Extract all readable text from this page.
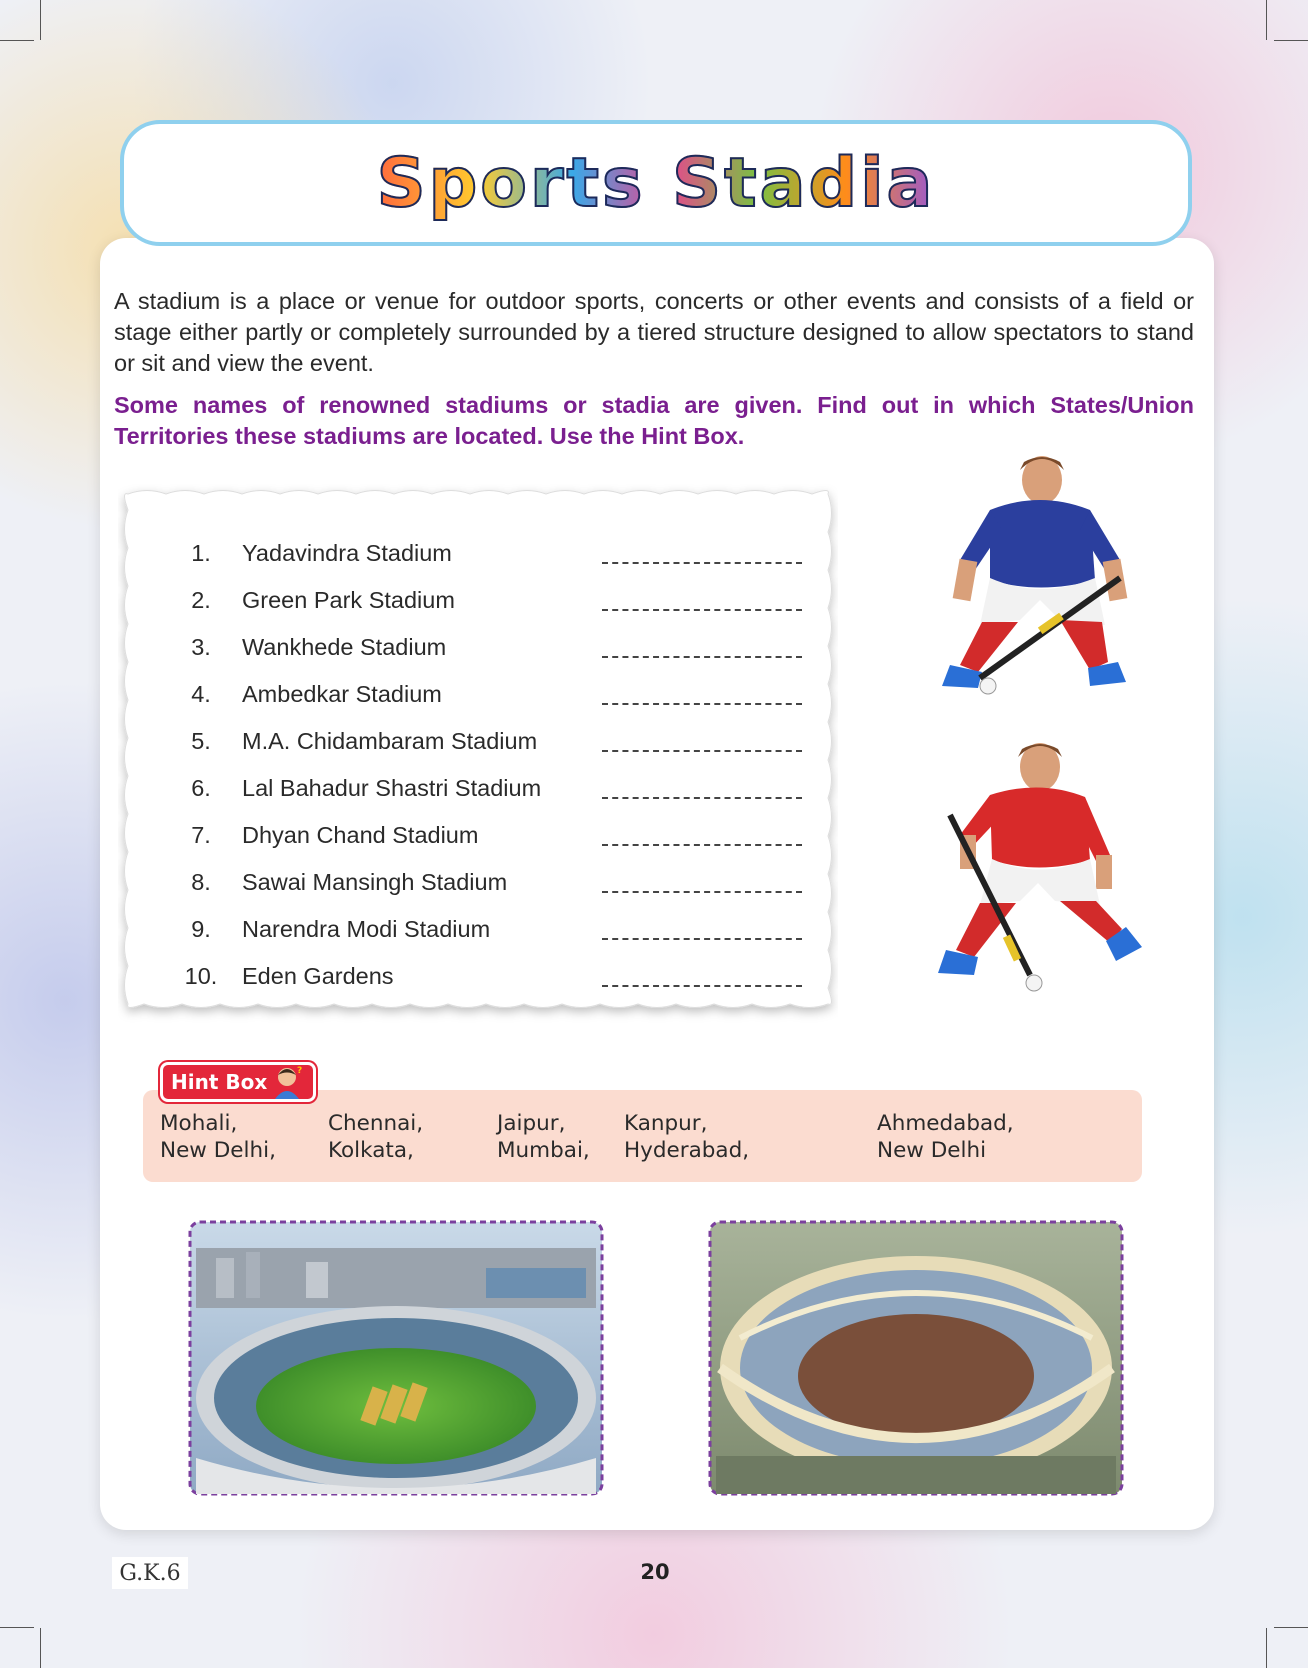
Sports Stadia

A stadium is a place or venue for outdoor sports, concerts or other events and consists of a field or stage either partly or completely surrounded by a tiered structure designed to allow spectators to stand or sit and view the event.

Some names of renowned stadiums or stadia are given. Find out in which States/Union Territories these stadiums are located. Use the Hint Box.

1.	Yadavindra Stadium
2.	Green Park Stadium
3.	Wankhede Stadium
4.	Ambedkar Stadium
5.	M.A. Chidambaram Stadium
6.	Lal Bahadur Shastri Stadium
7.	Dhyan Chand Stadium
8.	Sawai Mansingh Stadium
9.	Narendra Modi Stadium
10.	Eden Gardens
Mohali,
New Delhi,
Chennai,
Kolkata,
Jaipur,
Mumbai,
Kanpur,
Hyderabad,
Ahmedabad,
New Delhi
Hint Box	?
G.K.6	20
